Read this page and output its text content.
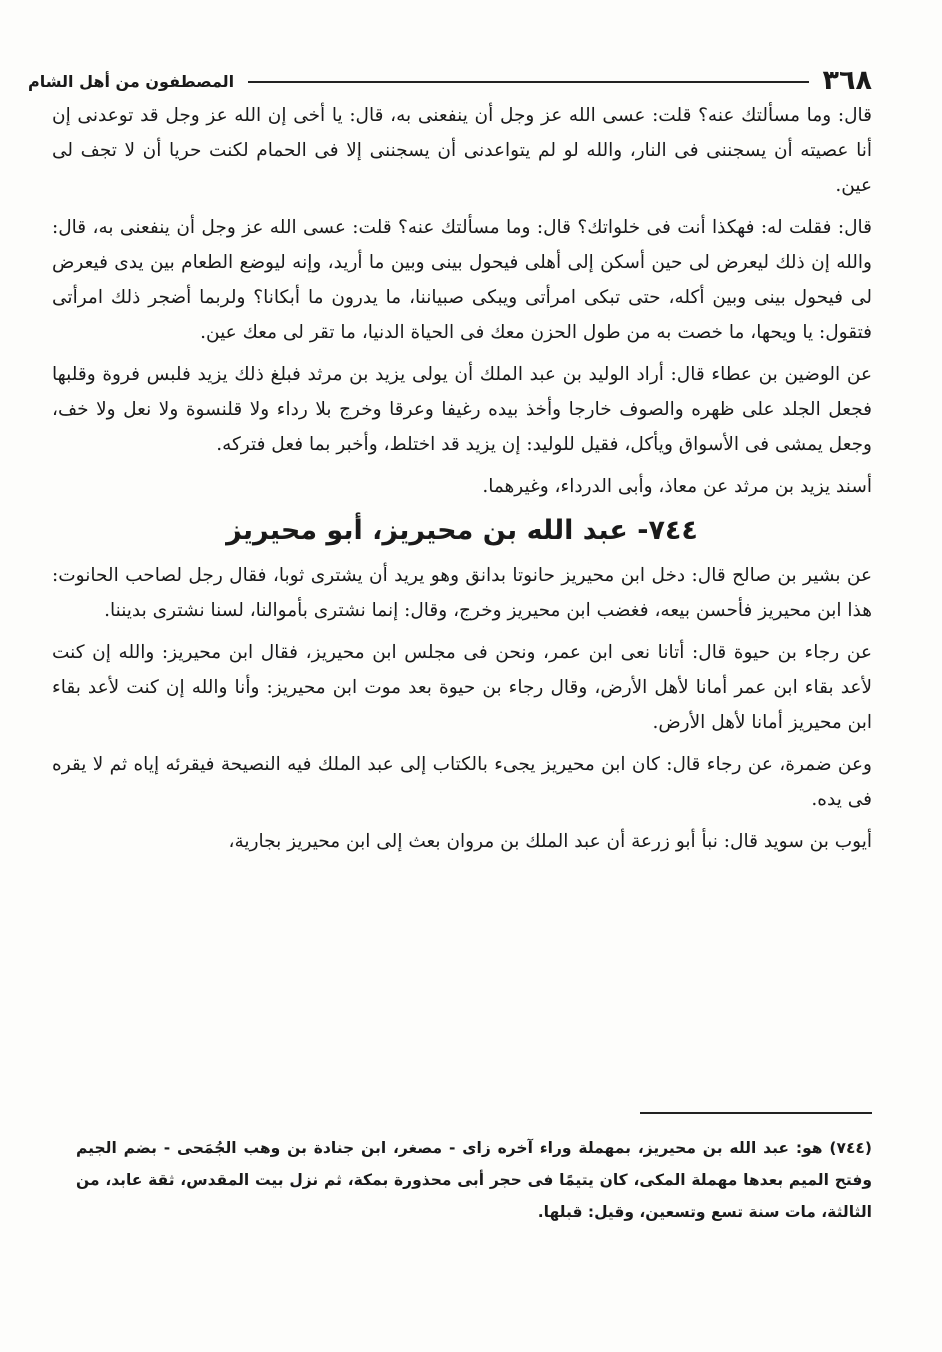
٣٦٨
المصطفون من أهل الشام

قال: وما مسألتك عنه؟ قلت: عسى الله عز وجل أن ينفعنى به، قال: يا أخى إن الله عز وجل قد توعدنى إن أنا عصيته أن يسجننى فى النار، والله لو لم يتواعدنى أن يسجننى إلا فى الحمام لكنت حريا أن لا تجف لى عين.

قال: فقلت له: فهكذا أنت فى خلواتك؟ قال: وما مسألتك عنه؟ قلت: عسى الله عز وجل أن ينفعنى به، قال: والله إن ذلك ليعرض لى حين أسكن إلى أهلى فيحول بينى وبين ما أريد، وإنه ليوضع الطعام بين يدى فيعرض لى فيحول بينى وبين أكله، حتى تبكى امرأتى ويبكى صبياننا، ما يدرون ما أبكانا؟ ولربما أضجر ذلك امرأتى فتقول: يا ويحها، ما خصت به من طول الحزن معك فى الحياة الدنيا، ما تقر لى معك عين.

عن الوضين بن عطاء قال: أراد الوليد بن عبد الملك أن يولى يزيد بن مرثد فبلغ ذلك يزيد فلبس فروة وقلبها فجعل الجلد على ظهره والصوف خارجا وأخذ بيده رغيفا وعرقا وخرج بلا رداء ولا قلنسوة ولا نعل ولا خف، وجعل يمشى فى الأسواق ويأكل، فقيل للوليد: إن يزيد قد اختلط، وأخبر بما فعل فتركه.

أسند يزيد بن مرثد عن معاذ، وأبى الدرداء، وغيرهما.

٧٤٤- عبد الله بن محيريز، أبو محيريز

عن بشير بن صالح قال: دخل ابن محيريز حانوتا بدانق وهو يريد أن يشترى ثوبا، فقال رجل لصاحب الحانوت: هذا ابن محيريز فأحسن بيعه، فغضب ابن محيريز وخرج، وقال: إنما نشترى بأموالنا، لسنا نشترى بديننا.

عن رجاء بن حيوة قال: أتانا نعى ابن عمر، ونحن فى مجلس ابن محيريز، فقال ابن محيريز: والله إن كنت لأعد بقاء ابن عمر أمانا لأهل الأرض، وقال رجاء بن حيوة بعد موت ابن محيريز: وأنا والله إن كنت لأعد بقاء ابن محيريز أمانا لأهل الأرض.

وعن ضمرة، عن رجاء قال: كان ابن محيريز يجىء بالكتاب إلى عبد الملك فيه النصيحة فيقرئه إياه ثم لا يقره فى يده.

أيوب بن سويد قال: نبأ أبو زرعة أن عبد الملك بن مروان بعث إلى ابن محيريز بجارية،

(٧٤٤) هو: عبد الله بن محيريز، بمهملة وراء آخره زاى - مصغر، ابن جنادة بن وهب الجُمَحى - بضم الجيم وفتح الميم بعدها مهملة المكى، كان يتيمًا فى حجر أبى محذورة بمكة، ثم نزل بيت المقدس، ثقة عابد، من الثالثة، مات سنة تسع وتسعين، وقيل: قبلها.
